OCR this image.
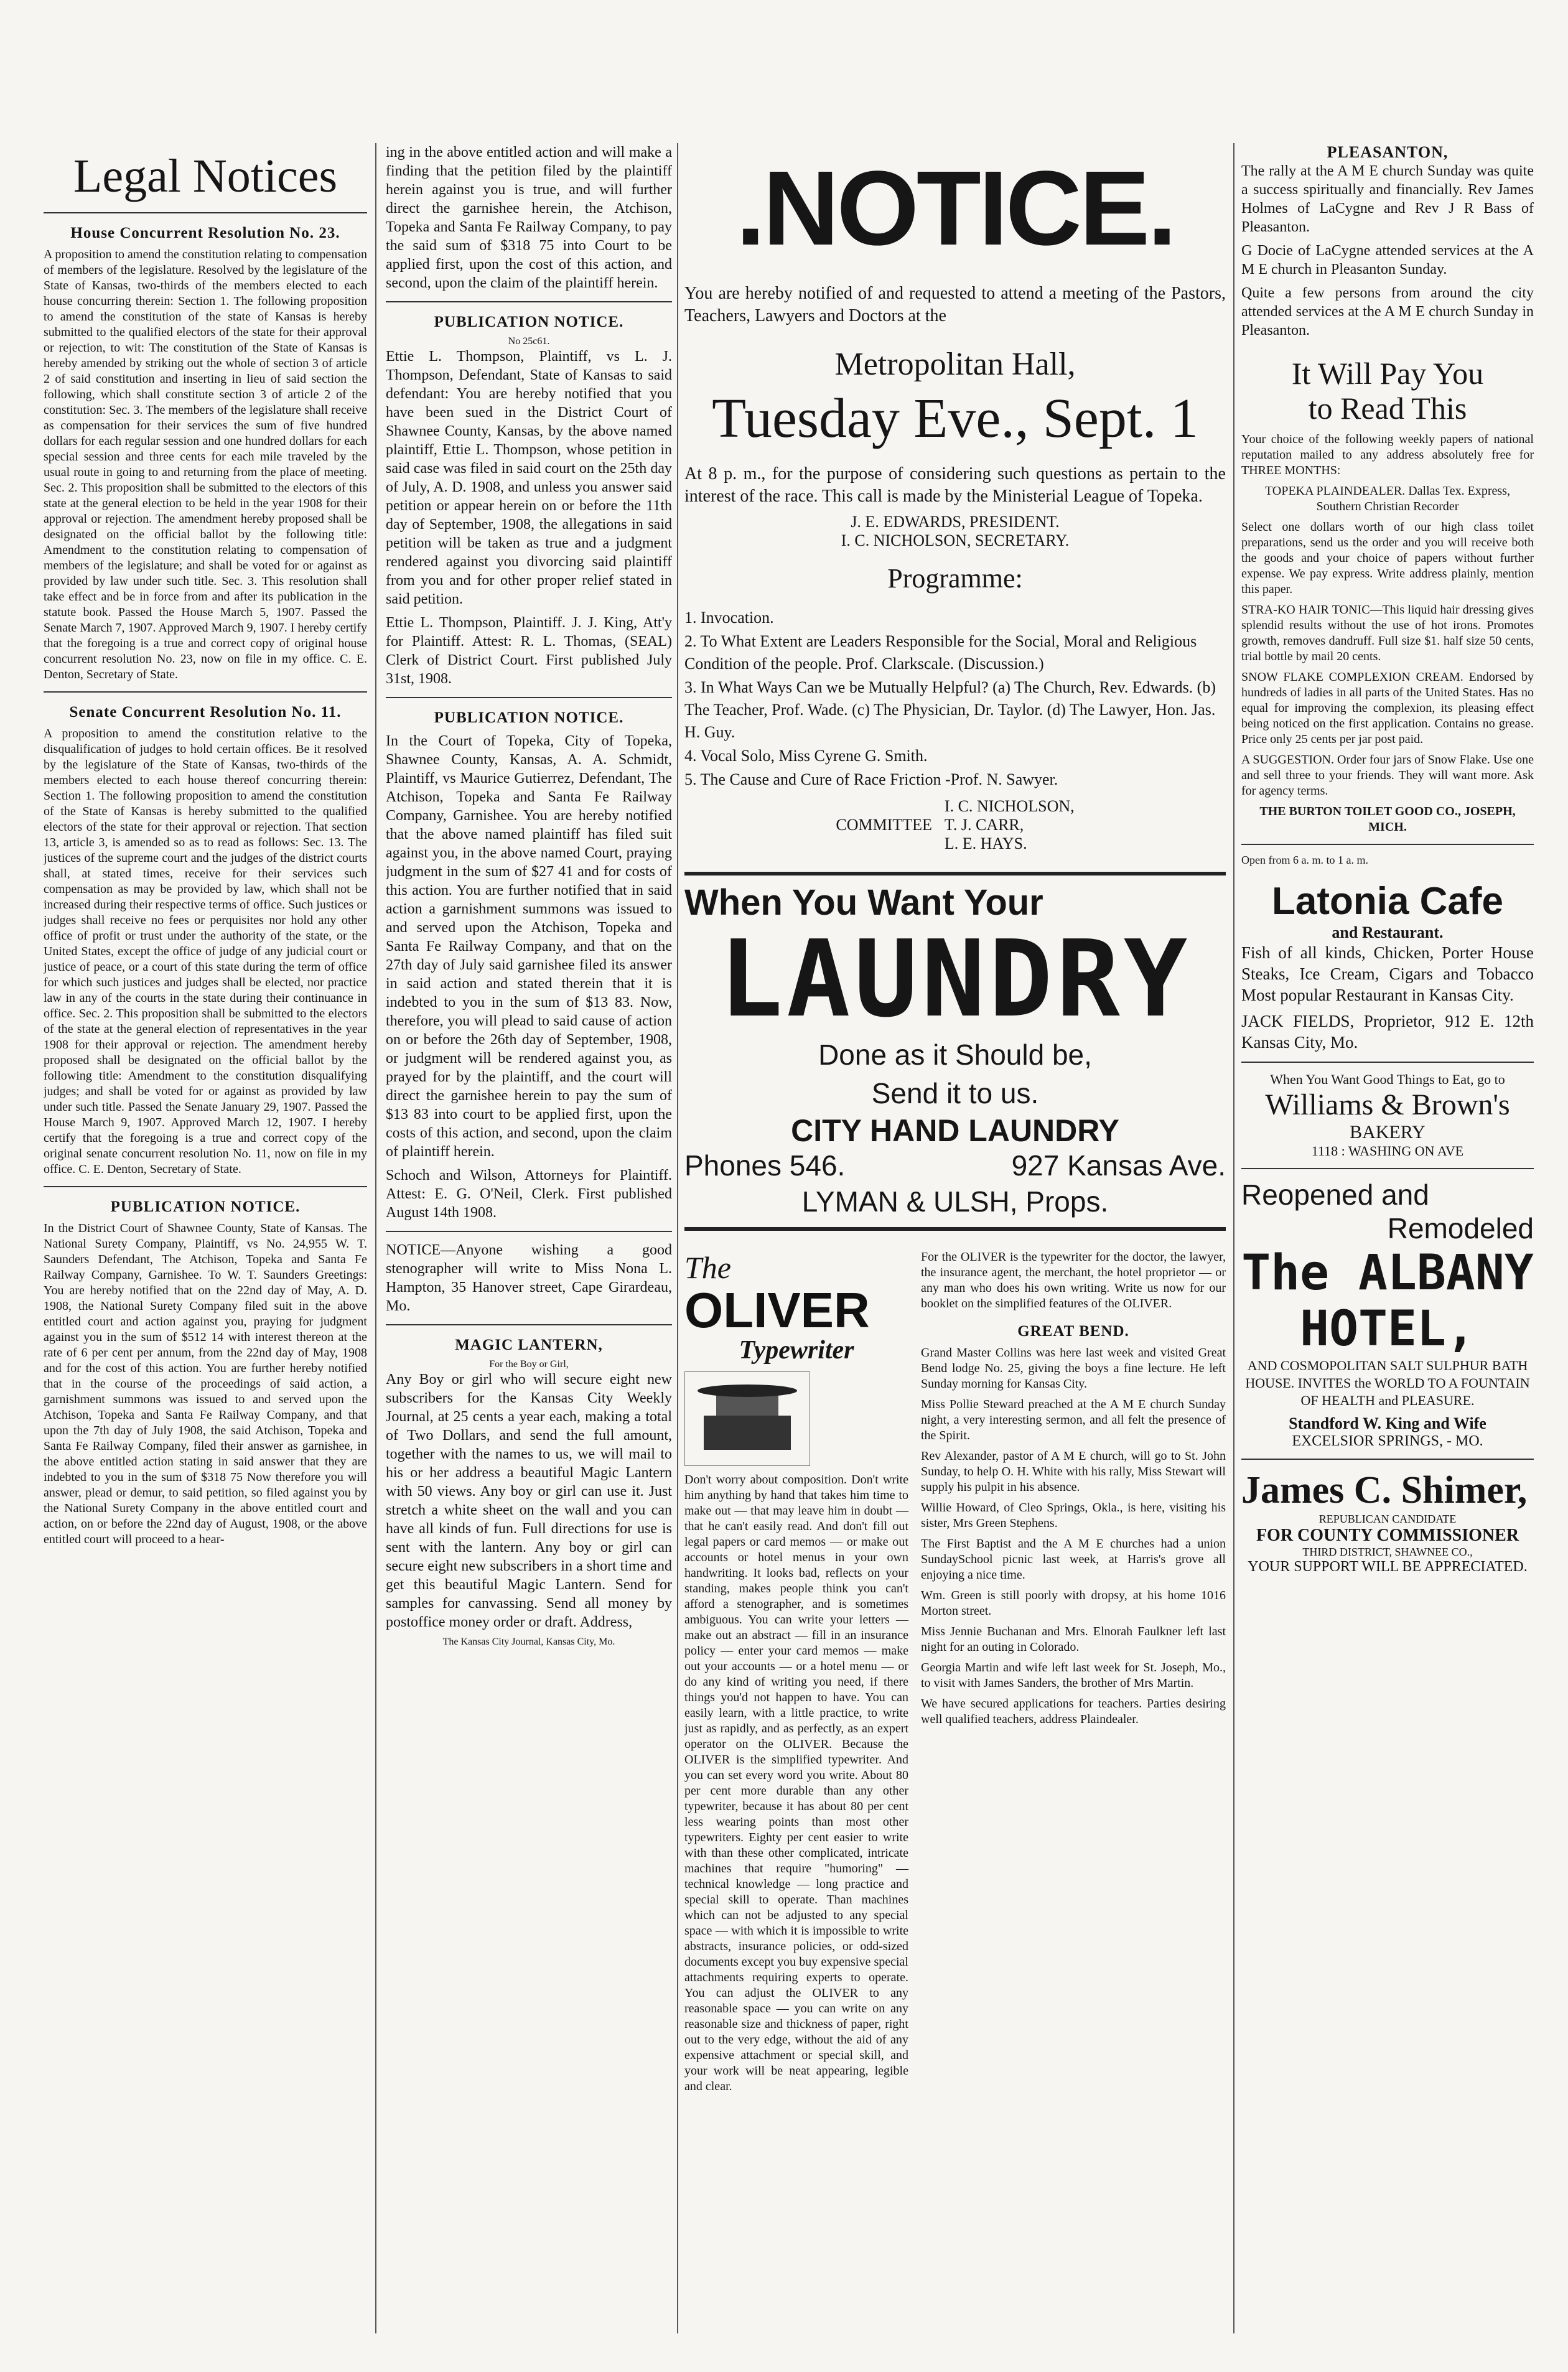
Legal Notices
House Concurrent Resolution No. 23.

A proposition to amend the constitution relating to compensation of members of the legislature. Resolved by the legislature of the State of Kansas, two-thirds of the members elected to each house concurring therein: Section 1. The following proposition to amend the constitution of the state of Kansas is hereby submitted to the qualified electors of the state for their approval or rejection, to wit: The constitution of the State of Kansas is hereby amended by striking out the whole of section 3 of article 2 of said constitution and inserting in lieu of said section the following, which shall constitute section 3 of article 2 of the constitution: Sec. 3. The members of the legislature shall receive as compensation for their services the sum of five hundred dollars for each regular session and one hundred dollars for each special session and three cents for each mile traveled by the usual route in going to and returning from the place of meeting. Sec. 2. This proposition shall be submitted to the electors of this state at the general election to be held in the year 1908 for their approval or rejection. The amendment hereby proposed shall be designated on the official ballot by the following title: Amendment to the constitution relating to compensation of members of the legislature; and shall be voted for or against as provided by law under such title. Sec. 3. This resolution shall take effect and be in force from and after its publication in the statute book. Passed the House March 5, 1907. Passed the Senate March 7, 1907. Approved March 9, 1907. I hereby certify that the foregoing is a true and correct copy of original house concurrent resolution No. 23, now on file in my office. C. E. Denton, Secretary of State.

Senate Concurrent Resolution No. 11.

A proposition to amend the constitution relative to the disqualification of judges to hold certain offices. Be it resolved by the legislature of the State of Kansas, two-thirds of the members elected to each house thereof concurring therein: Section 1. The following proposition to amend the constitution of the State of Kansas is hereby submitted to the qualified electors of the state for their approval or rejection. That section 13, article 3, is amended so as to read as follows: Sec. 13. The justices of the supreme court and the judges of the district courts shall, at stated times, receive for their services such compensation as may be provided by law, which shall not be increased during their respective terms of office. Such justices or judges shall receive no fees or perquisites nor hold any other office of profit or trust under the authority of the state, or the United States, except the office of judge of any judicial court or justice of peace, or a court of this state during the term of office for which such justices and judges shall be elected, nor practice law in any of the courts in the state during their continuance in office. Sec. 2. This proposition shall be submitted to the electors of the state at the general election of representatives in the year 1908 for their approval or rejection. The amendment hereby proposed shall be designated on the official ballot by the following title: Amendment to the constitution disqualifying judges; and shall be voted for or against as provided by law under such title. Passed the Senate January 29, 1907. Passed the House March 9, 1907. Approved March 12, 1907. I hereby certify that the foregoing is a true and correct copy of the original senate concurrent resolution No. 11, now on file in my office. C. E. Denton, Secretary of State.

PUBLICATION NOTICE.

In the District Court of Shawnee County, State of Kansas. The National Surety Company, Plaintiff, vs No. 24,955 W. T. Saunders Defendant, The Atchison, Topeka and Santa Fe Railway Company, Garnishee. To W. T. Saunders Greetings: You are hereby notified that on the 22nd day of May, A. D. 1908, the National Surety Company filed suit in the above entitled court and action against you, praying for judgment against you in the sum of $512 14 with interest thereon at the rate of 6 per cent per annum, from the 22nd day of May, 1908 and for the cost of this action. You are further hereby notified that in the course of the proceedings of said action, a garnishment summons was issued to and served upon the Atchison, Topeka and Santa Fe Railway Company, and that upon the 7th day of July 1908, the said Atchison, Topeka and Santa Fe Railway Company, filed their answer as garnishee, in the above entitled action stating in said answer that they are indebted to you in the sum of $318 75 Now therefore you will answer, plead or demur, to said petition, so filed against you by the National Surety Company in the above entitled court and action, on or before the 22nd day of August, 1908, or the above entitled court will proceed to a hear-

ing in the above entitled action and will make a finding that the petition filed by the plaintiff herein against you is true, and will further direct the garnishee herein, the Atchison, Topeka and Santa Fe Railway Company, to pay the said sum of $318 75 into Court to be applied first, upon the cost of this action, and second, upon the claim of the plaintiff herein.

PUBLICATION NOTICE.
No 25c61.

Ettie L. Thompson, Plaintiff, vs L. J. Thompson, Defendant, State of Kansas to said defendant: You are hereby notified that you have been sued in the District Court of Shawnee County, Kansas, by the above named plaintiff, Ettie L. Thompson, whose petition in said case was filed in said court on the 25th day of July, A. D. 1908, and unless you answer said petition or appear herein on or before the 11th day of September, 1908, the allegations in said petition will be taken as true and a judgment rendered against you divorcing said plaintiff from you and for other proper relief stated in said petition.

Ettie L. Thompson, Plaintiff. J. J. King, Att'y for Plaintiff. Attest: R. L. Thomas, (SEAL) Clerk of District Court. First published July 31st, 1908.

PUBLICATION NOTICE.

In the Court of Topeka, City of Topeka, Shawnee County, Kansas, A. A. Schmidt, Plaintiff, vs Maurice Gutierrez, Defendant, The Atchison, Topeka and Santa Fe Railway Company, Garnishee. You are hereby notified that the above named plaintiff has filed suit against you, in the above named Court, praying judgment in the sum of $27 41 and for costs of this action. You are further notified that in said action a garnishment summons was issued to and served upon the Atchison, Topeka and Santa Fe Railway Company, and that on the 27th day of July said garnishee filed its answer in said action and stated therein that it is indebted to you in the sum of $13 83. Now, therefore, you will plead to said cause of action on or before the 26th day of September, 1908, or judgment will be rendered against you, as prayed for by the plaintiff, and the court will direct the garnishee herein to pay the sum of $13 83 into court to be applied first, upon the costs of this action, and second, upon the claim of plaintiff herein.

Schoch and Wilson, Attorneys for Plaintiff. Attest: E. G. O'Neil, Clerk. First published August 14th 1908.

NOTICE—Anyone wishing a good stenographer will write to Miss Nona L. Hampton, 35 Hanover street, Cape Girardeau, Mo.

MAGIC LANTERN,
For the Boy or Girl,

Any Boy or girl who will secure eight new subscribers for the Kansas City Weekly Journal, at 25 cents a year each, making a total of Two Dollars, and send the full amount, together with the names to us, we will mail to his or her address a beautiful Magic Lantern with 50 views. Any boy or girl can use it. Just stretch a white sheet on the wall and you can have all kinds of fun. Full directions for use is sent with the lantern. Any boy or girl can secure eight new subscribers in a short time and get this beautiful Magic Lantern. Send for samples for canvassing. Send all money by postoffice money order or draft. Address,

The Kansas City Journal, Kansas City, Mo.
.NOTICE.

You are hereby notified of and requested to attend a meeting of the Pastors, Teachers, Lawyers and Doctors at the

Metropolitan Hall,
Tuesday Eve., Sept. 1

At 8 p. m., for the purpose of considering such questions as pertain to the interest of the race. This call is made by the Ministerial League of Topeka.

J. E. EDWARDS, PRESIDENT.
I. C. NICHOLSON, SECRETARY.
Programme:
1. Invocation.
2. To What Extent are Leaders Responsible for the Social, Moral and Religious Condition of the people. Prof. Clarkscale. (Discussion.)
3. In What Ways Can we be Mutually Helpful? (a) The Church, Rev. Edwards. (b) The Teacher, Prof. Wade. (c) The Physician, Dr. Taylor. (d) The Lawyer, Hon. Jas. H. Guy.
4. Vocal Solo, Miss Cyrene G. Smith.
5. The Cause and Cure of Race Friction -Prof. N. Sawyer.
COMMITTEE
I. C. NICHOLSON,
T. J. CARR,
L. E. HAYS.
When You Want Your
LAUNDRY
Done as it Should be,
Send it to us.
CITY HAND LAUNDRY
Phones 546.	927 Kansas Ave.
LYMAN & ULSH, Props.
The
OLIVER
Typewriter

Don't worry about composition. Don't write him anything by hand that takes him time to make out — that may leave him in doubt — that he can't easily read. And don't fill out legal papers or card memos — or make out accounts or hotel menus in your own handwriting. It looks bad, reflects on your standing, makes people think you can't afford a stenographer, and is sometimes ambiguous. You can write your letters — make out an abstract — fill in an insurance policy — enter your card memos — make out your accounts — or a hotel menu — or do any kind of writing you need, if there things you'd not happen to have. You can easily learn, with a little practice, to write just as rapidly, and as perfectly, as an expert operator on the OLIVER. Because the OLIVER is the simplified typewriter. And you can set every word you write. About 80 per cent more durable than any other typewriter, because it has about 80 per cent less wearing points than most other typewriters. Eighty per cent easier to write with than these other complicated, intricate machines that require "humoring" — technical knowledge — long practice and special skill to operate. Than machines which can not be adjusted to any special space — with which it is impossible to write abstracts, insurance policies, or odd-sized documents except you buy expensive special attachments requiring experts to operate. You can adjust the OLIVER to any reasonable space — you can write on any reasonable size and thickness of paper, right out to the very edge, without the aid of any expensive attachment or special skill, and your work will be neat appearing, legible and clear.

For the OLIVER is the typewriter for the doctor, the lawyer, the insurance agent, the merchant, the hotel proprietor — or any man who does his own writing. Write us now for our booklet on the simplified features of the OLIVER.

GREAT BEND.

Grand Master Collins was here last week and visited Great Bend lodge No. 25, giving the boys a fine lecture. He left Sunday morning for Kansas City.

Miss Pollie Steward preached at the A M E church Sunday night, a very interesting sermon, and all felt the presence of the Spirit.

Rev Alexander, pastor of A M E church, will go to St. John Sunday, to help O. H. White with his rally, Miss Stewart will supply his pulpit in his absence.

Willie Howard, of Cleo Springs, Okla., is here, visiting his sister, Mrs Green Stephens.

The First Baptist and the A M E churches had a union SundaySchool picnic last week, at Harris's grove all enjoying a nice time.

Wm. Green is still poorly with dropsy, at his home 1016 Morton street.

Miss Jennie Buchanan and Mrs. Elnorah Faulkner left last night for an outing in Colorado.

Georgia Martin and wife left last week for St. Joseph, Mo., to visit with James Sanders, the brother of Mrs Martin.

We have secured applications for teachers. Parties desiring well qualified teachers, address Plaindealer.

PLEASANTON,

The rally at the A M E church Sunday was quite a success spiritually and financially. Rev James Holmes of LaCygne and Rev J R Bass of Pleasanton.

G Docie of LaCygne attended services at the A M E church in Pleasanton Sunday.

Quite a few persons from around the city attended services at the A M E church Sunday in Pleasanton.

It Will Pay You
to Read This

Your choice of the following weekly papers of national reputation mailed to any address absolutely free for THREE MONTHS:

TOPEKA PLAINDEALER. Dallas Tex. Express, Southern Christian Recorder

Select one dollars worth of our high class toilet preparations, send us the order and you will receive both the goods and your choice of papers without further expense. We pay express. Write address plainly, mention this paper.

STRA-KO HAIR TONIC—This liquid hair dressing gives splendid results without the use of hot irons. Promotes growth, removes dandruff. Full size $1. half size 50 cents, trial bottle by mail 20 cents.

SNOW FLAKE COMPLEXION CREAM. Endorsed by hundreds of ladies in all parts of the United States. Has no equal for improving the complexion, its pleasing effect being noticed on the first application. Contains no grease. Price only 25 cents per jar post paid.

A SUGGESTION. Order four jars of Snow Flake. Use one and sell three to your friends. They will want more. Ask for agency terms.

THE BURTON TOILET GOOD CO., JOSEPH, MICH.

Open from 6 a. m. to 1 a. m.
Latonia Cafe
and Restaurant.

Fish of all kinds, Chicken, Porter House Steaks, Ice Cream, Cigars and Tobacco Most popular Restaurant in Kansas City.

JACK FIELDS, Proprietor, 912 E. 12th Kansas City, Mo.

When You Want Good Things to Eat, go to
Williams & Brown's
BAKERY
1118 : WASHING ON AVE
Reopened and
Remodeled
The ALBANY HOTEL,

AND COSMOPOLITAN SALT SULPHUR BATH HOUSE. INVITES the WORLD TO A FOUNTAIN OF HEALTH and PLEASURE.

Standford W. King and Wife
EXCELSIOR SPRINGS, - MO.
James C. Shimer,
REPUBLICAN CANDIDATE
FOR COUNTY COMMISSIONER
THIRD DISTRICT, SHAWNEE CO.,
YOUR SUPPORT WILL BE APPRECIATED.
